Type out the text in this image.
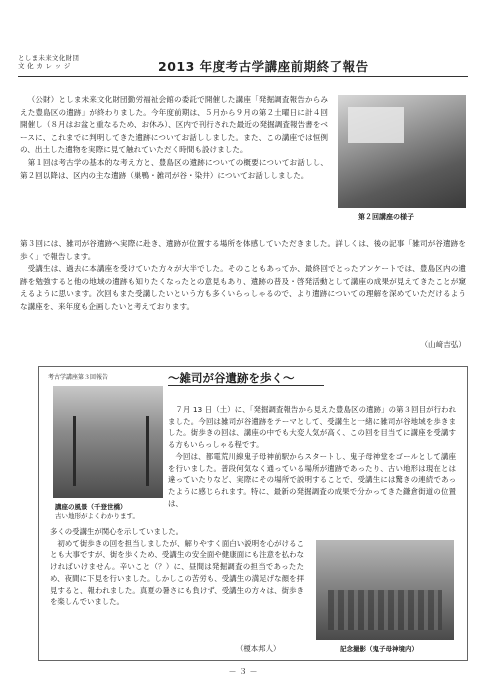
としま未来文化財団
文 化 カ レ ッ ジ	2013 年度考古学講座前期終了報告

（公財）としま未来文化財団勤労福祉会館の委託で開催した講座「発掘調査報告からみえた豊島区の遺跡」が終わりました。今年度前期は、５月から９月の第２土曜日に計４回開催し（８月はお盆と重なるため、お休み）、区内で刊行された最近の発掘調査報告書をベースに、これまでに判明してきた遺跡についてお話ししました。また、この講座では恒例の、出土した遺物を実際に見て触れていただく時間も設けました。

第１回は考古学の基本的な考え方と、豊島区の遺跡についての概要についてお話しし、第２回以降は、区内の主な遺跡（巣鴨・雑司が谷・染井）についてお話ししました。

第２回講座の様子

第３回には、雑司が谷遺跡へ実際に赴き、遺跡が位置する場所を体感していただきました。詳しくは、後の記事「雑司が谷遺跡を歩く」で報告します。

受講生は、過去に本講座を受けていた方々が大半でした。そのこともあってか、最終回でとったアンケートでは、豊島区内の遺跡を勉強すると他の地域の遺跡も知りたくなったとの意見もあり、遺跡の普及・啓発活動として講座の成果が見えてきたことが窺えるように思います。次回もまた受講したいという方も多くいらっしゃるので、より遺跡についての理解を深めていただけるような講座を、来年度も企画したいと考えております。

（山﨑吉弘）
考古学講座第３回報告	〜雑司が谷遺跡を歩く〜
講座の風景（千登世橋）
古い地形がよくわかります。

７月 13 日（土）に、「発掘調査報告から見えた豊島区の遺跡」の第３回目が行われました。今回は雑司が谷遺跡をテーマとして、受講生と一緒に雑司が谷地域を歩きました。街歩きの回は、講座の中でも大変人気が高く、この回を目当てに講座を受講する方もいらっしゃる程です。

今回は、都電荒川線鬼子母神前駅からスタートし、鬼子母神堂をゴールとして講座を行いました。普段何気なく通っている場所が遺跡であったり、古い地形は現在とは違っていたりなど、実際にその場所で説明することで、受講生には驚きの連続であったように感じられます。特に、最新の発掘調査の成果で分かってきた鎌倉街道の位置は、

多くの受講生が関心を示していました。

初めて街歩きの回を担当しましたが、解りやすく面白い説明を心がけることも大事ですが、街を歩くため、受講生の安全面や健康面にも注意を払わなければいけません。辛いこと（？）に、昼間は発掘調査の担当であったため、夜間に下見を行いました。しかしこの苦労も、受講生の満足げな顔を拝見すると、報われました。真夏の暑さにも負けず、受講生の方々は、街歩きを楽しんでいました。

（榎本邦人）	記念撮影（鬼子母神境内）
－ ３ －
